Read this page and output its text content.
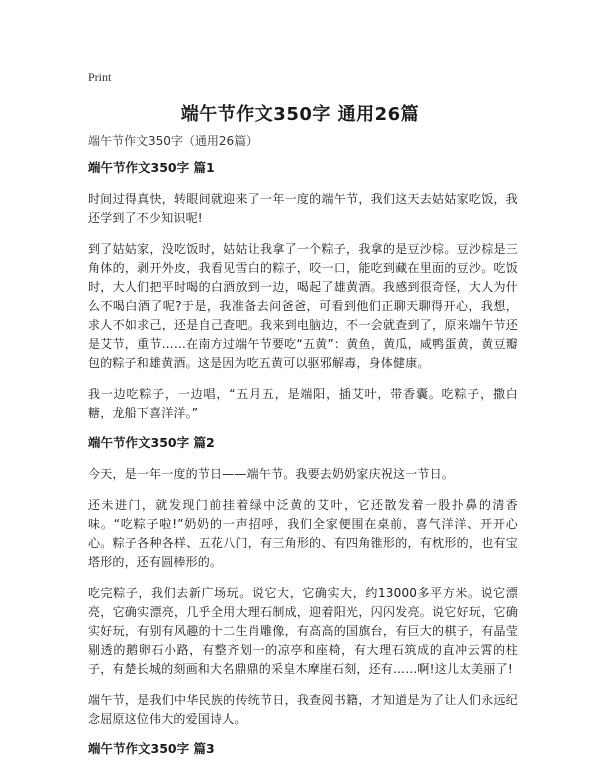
Print
端午节作文350字 通用26篇

端午节作文350字（通用26篇）

端午节作文350字 篇1

时间过得真快，转眼间就迎来了一年一度的端午节，我们这天去姑姑家吃饭，我还学到了不少知识呢!

到了姑姑家，没吃饭时，姑姑让我拿了一个粽子，我拿的是豆沙棕。豆沙棕是三角体的，剥开外皮，我看见雪白的粽子，咬一口，能吃到藏在里面的豆沙。吃饭时，大人们把平时喝的白酒放到一边，喝起了雄黄酒。我感到很奇怪，大人为什么不喝白酒了呢?于是，我准备去问爸爸，可看到他们正聊天聊得开心，我想，求人不如求己，还是自己查吧。我来到电脑边，不一会就查到了，原来端午节还是艾节，重节……在南方过端午节要吃“五黄”：黄鱼，黄瓜，咸鸭蛋黄，黄豆瓣包的粽子和雄黄酒。这是因为吃五黄可以驱邪解毒，身体健康。

我一边吃粽子，一边唱，“五月五，是端阳，插艾叶，带香囊。吃粽子，撒白糖，龙船下喜洋洋。”

端午节作文350字 篇2

今天，是一年一度的节日——端午节。我要去奶奶家庆祝这一节日。

还未进门，就发现门前挂着绿中泛黄的艾叶，它还散发着一股扑鼻的清香味。“吃粽子啦!”奶奶的一声招呼，我们全家便围在桌前，喜气洋洋、开开心心。粽子各种各样、五花八门，有三角形的、有四角锥形的，有枕形的，也有宝塔形的，还有圆棒形的。

吃完粽子，我们去新广场玩。说它大，它确实大，约13000多平方米。说它漂亮，它确实漂亮，几乎全用大理石制成，迎着阳光，闪闪发亮。说它好玩，它确实好玩，有别有风趣的十二生肖雕像，有高高的国旗台，有巨大的棋子，有晶莹剔透的鹅卵石小路，有整齐划一的凉亭和座椅，有大理石筑成的直冲云霄的柱子，有楚长城的刻画和大名鼎鼎的采皇木摩崖石刻，还有……啊!这儿太美丽了!

端午节，是我们中华民族的传统节日，我查阅书籍，才知道是为了让人们永远纪念屈原这位伟大的爱国诗人。

端午节作文350字 篇3
